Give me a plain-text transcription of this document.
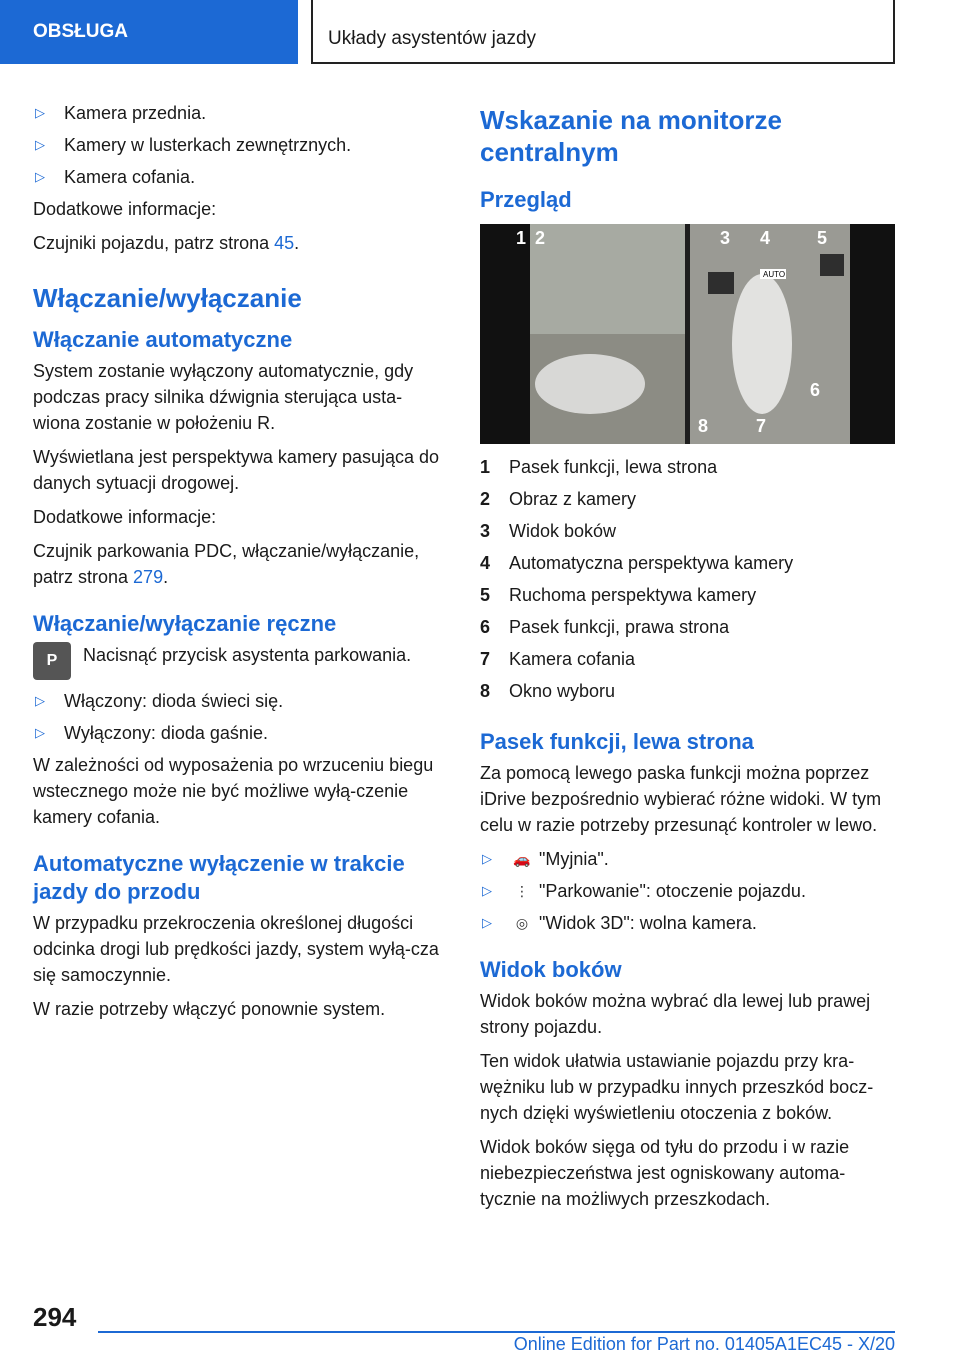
OBSŁUGA	Układy asystentów jazdy
▷	Kamera przednia.
▷	Kamery w lusterkach zewnętrznych.
▷	Kamera cofania.

Dodatkowe informacje:

Czujniki pojazdu, patrz strona 45.

Włączanie/wyłączanie
Włączanie automatyczne

System zostanie wyłączony automatycznie, gdy podczas pracy silnika dźwignia sterująca usta-wiona zostanie w położeniu R.

Wyświetlana jest perspektywa kamery pasująca do danych sytuacji drogowej.

Dodatkowe informacje:

Czujnik parkowania PDC, włączanie/wyłączanie, patrz strona 279.

Włączanie/wyłączanie ręczne
P	Nacisnąć przycisk asystenta parkowania.
▷	Włączony: dioda świeci się.
▷	Wyłączony: dioda gaśnie.

W zależności od wyposażenia po wrzuceniu biegu wstecznego może nie być możliwe wyłą-czenie kamery cofania.

Automatyczne wyłączenie w trakcie jazdy do przodu

W przypadku przekroczenia określonej długości odcinka drogi lub prędkości jazdy, system wyłą-cza się samoczynnie.

W razie potrzeby włączyć ponownie system.

Wskazanie na monitorze centralnym
Przegląd
1 2	3 4	5
6
7
8
AUTO
1	Pasek funkcji, lewa strona
2	Obraz z kamery
3	Widok boków
4	Automatyczna perspektywa kamery
5	Ruchoma perspektywa kamery
6	Pasek funkcji, prawa strona
7	Kamera cofania
8	Okno wyboru
Pasek funkcji, lewa strona

Za pomocą lewego paska funkcji można poprzez iDrive bezpośrednio wybierać różne widoki. W tym celu w razie potrzeby przesunąć kontroler w lewo.

▷	🚗 "Myjnia".
▷	⋮ "Parkowanie": otoczenie pojazdu.
▷	◎ "Widok 3D": wolna kamera.
Widok boków

Widok boków można wybrać dla lewej lub prawej strony pojazdu.

Ten widok ułatwia ustawianie pojazdu przy kra-wężniku lub w przypadku innych przeszkód bocz-nych dzięki wyświetleniu otoczenia z boków.

Widok boków sięga od tyłu do przodu i w razie niebezpieczeństwa jest ogniskowany automa-tycznie na możliwych przeszkodach.

294
Online Edition for Part no. 01405A1EC45 - X/20
